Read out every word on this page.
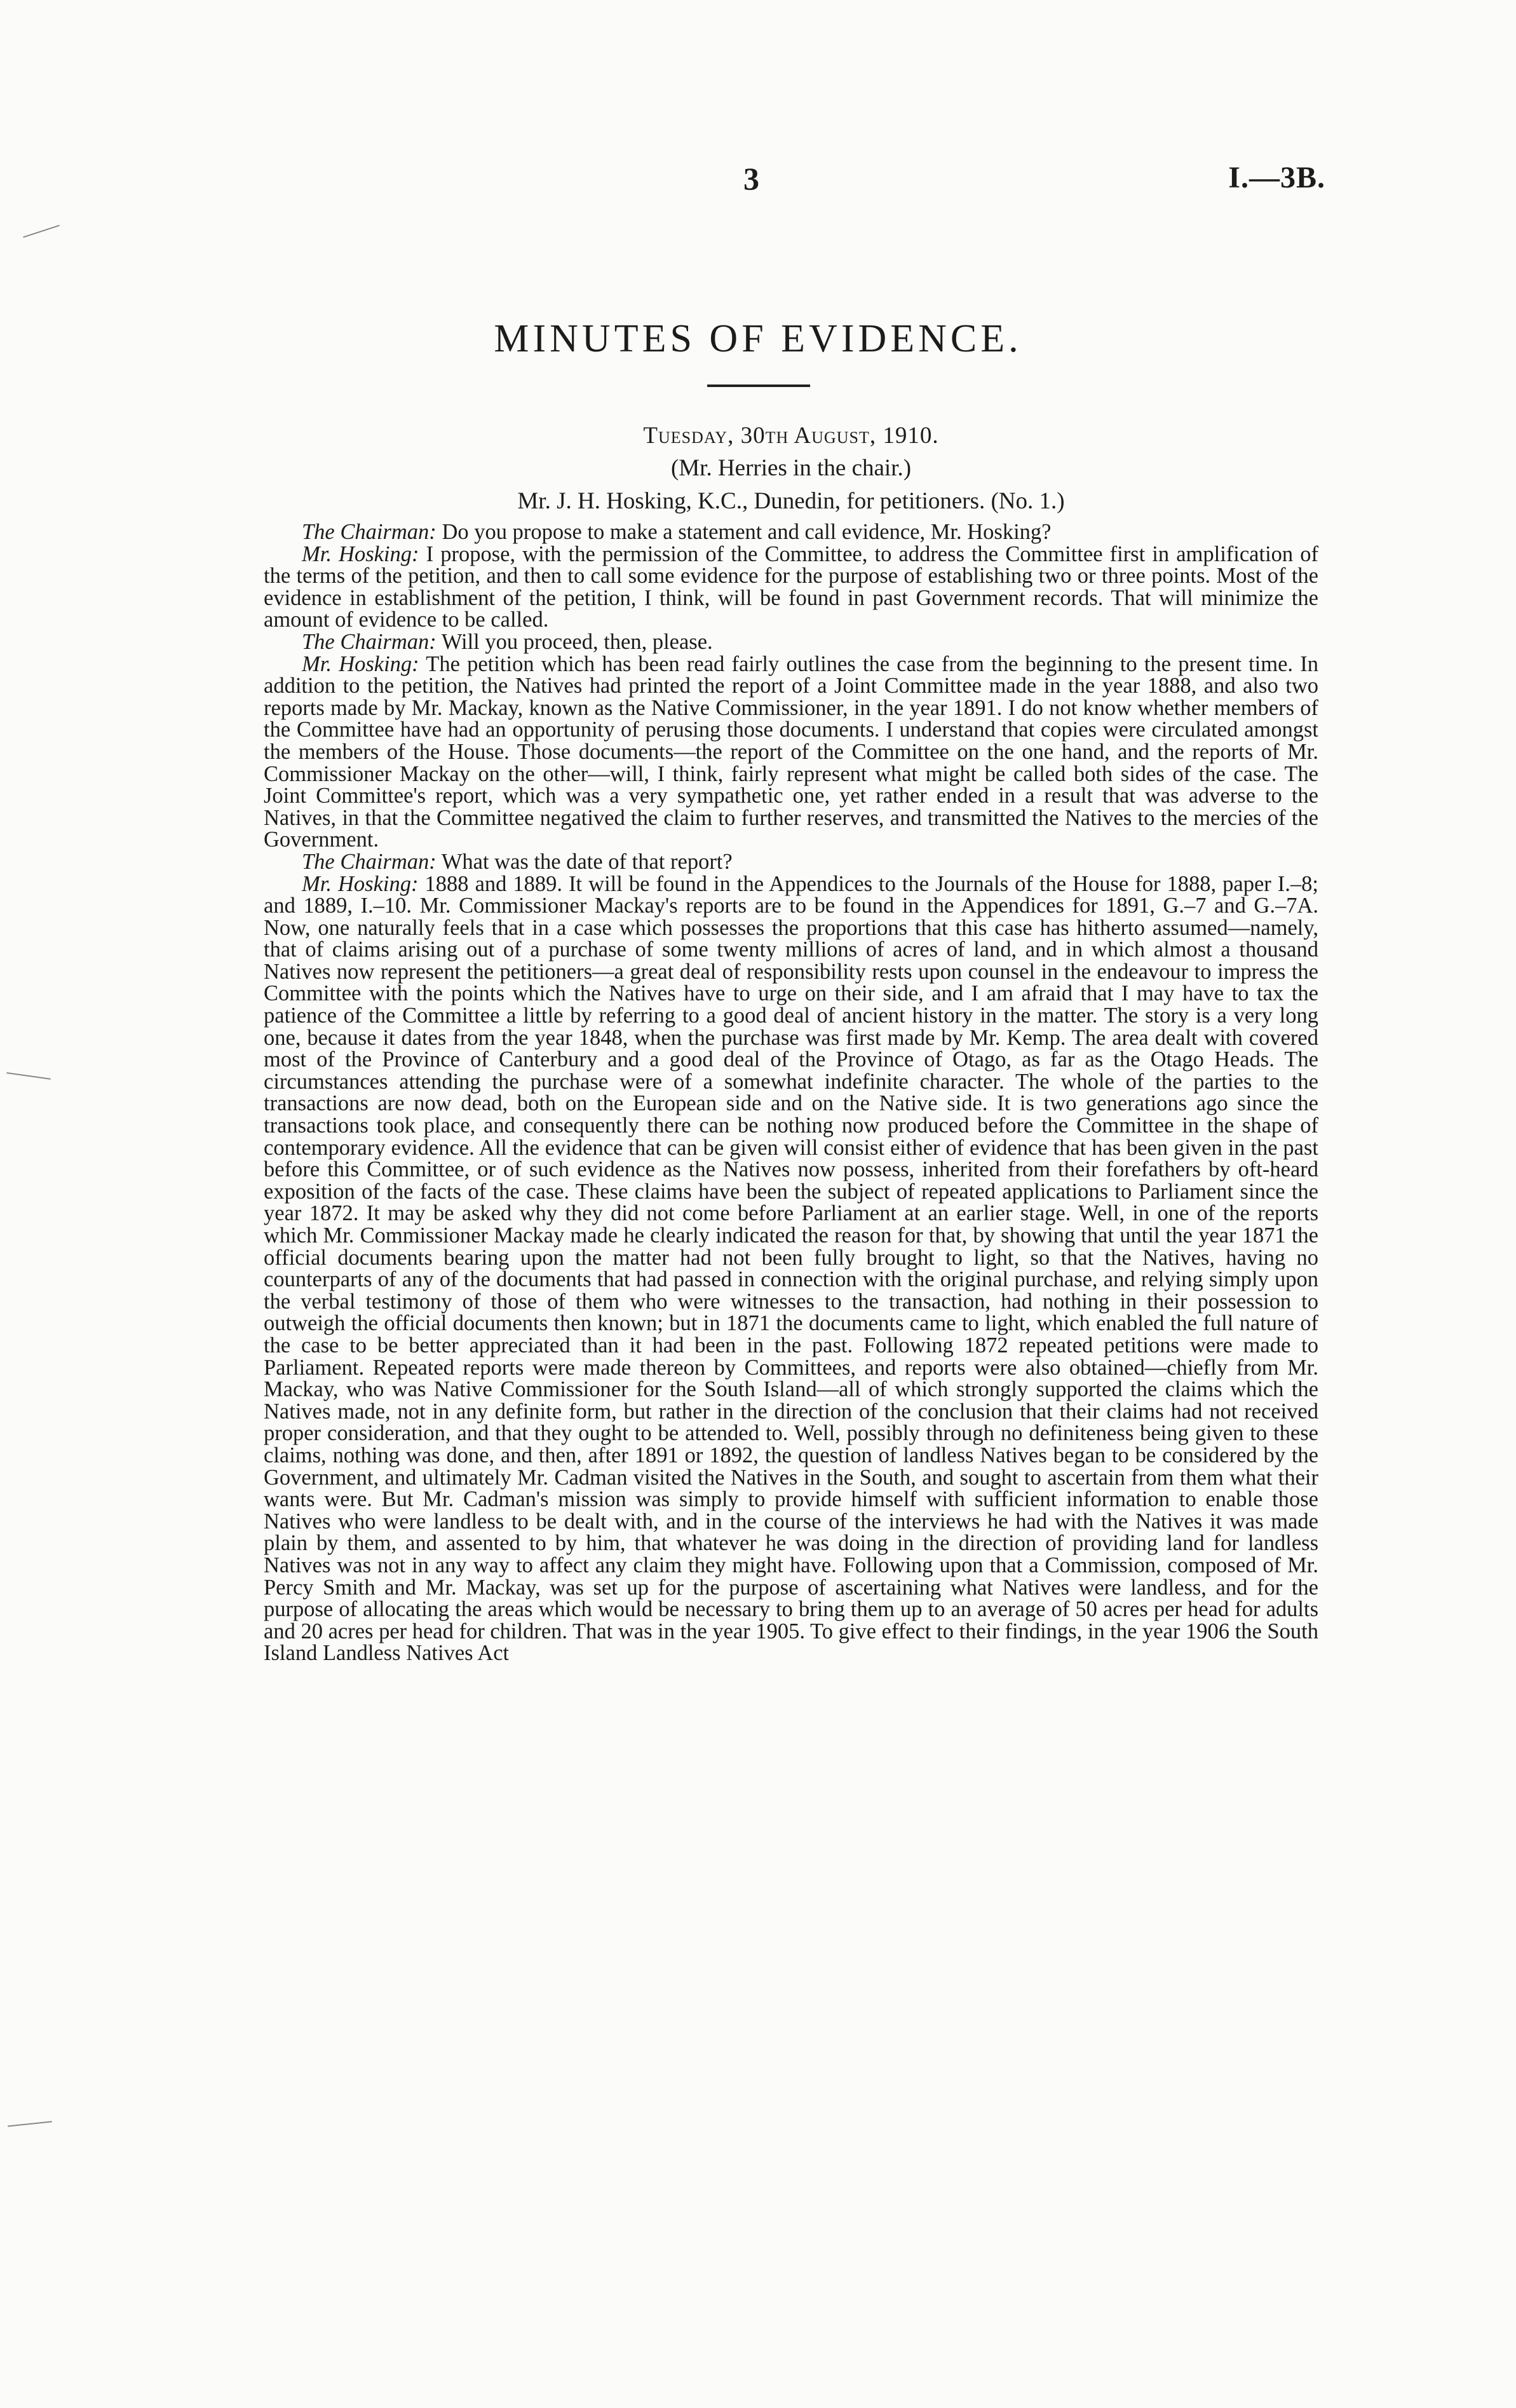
3	I.—3B.
MINUTES OF EVIDENCE.

Tuesday, 30th August, 1910.

(Mr. Herries in the chair.)

Mr. J. H. Hosking, K.C., Dunedin, for petitioners. (No. 1.)

The Chairman: Do you propose to make a statement and call evidence, Mr. Hosking?

Mr. Hosking: I propose, with the permission of the Committee, to address the Committee first in amplification of the terms of the petition, and then to call some evidence for the purpose of establishing two or three points. Most of the evidence in establishment of the petition, I think, will be found in past Government records. That will minimize the amount of evidence to be called.

The Chairman: Will you proceed, then, please.

Mr. Hosking: The petition which has been read fairly outlines the case from the beginning to the present time. In addition to the petition, the Natives had printed the report of a Joint Committee made in the year 1888, and also two reports made by Mr. Mackay, known as the Native Commissioner, in the year 1891. I do not know whether members of the Committee have had an opportunity of perusing those documents. I understand that copies were circulated amongst the members of the House. Those documents—the report of the Committee on the one hand, and the reports of Mr. Commissioner Mackay on the other—will, I think, fairly represent what might be called both sides of the case. The Joint Committee's report, which was a very sympathetic one, yet rather ended in a result that was adverse to the Natives, in that the Committee negatived the claim to further reserves, and transmitted the Natives to the mercies of the Government.

The Chairman: What was the date of that report?

Mr. Hosking: 1888 and 1889. It will be found in the Appendices to the Journals of the House for 1888, paper I.–8; and 1889, I.–10. Mr. Commissioner Mackay's reports are to be found in the Appendices for 1891, G.–7 and G.–7A. Now, one naturally feels that in a case which possesses the proportions that this case has hitherto assumed—namely, that of claims arising out of a purchase of some twenty millions of acres of land, and in which almost a thousand Natives now represent the petitioners—a great deal of responsibility rests upon counsel in the endeavour to impress the Committee with the points which the Natives have to urge on their side, and I am afraid that I may have to tax the patience of the Committee a little by referring to a good deal of ancient history in the matter. The story is a very long one, because it dates from the year 1848, when the purchase was first made by Mr. Kemp. The area dealt with covered most of the Province of Canterbury and a good deal of the Province of Otago, as far as the Otago Heads. The circumstances attending the purchase were of a somewhat indefinite character. The whole of the parties to the transactions are now dead, both on the European side and on the Native side. It is two generations ago since the transactions took place, and consequently there can be nothing now produced before the Committee in the shape of contemporary evidence. All the evidence that can be given will consist either of evidence that has been given in the past before this Committee, or of such evidence as the Natives now possess, inherited from their forefathers by oft-heard exposition of the facts of the case. These claims have been the subject of repeated applications to Parliament since the year 1872. It may be asked why they did not come before Parliament at an earlier stage. Well, in one of the reports which Mr. Commissioner Mackay made he clearly indicated the reason for that, by showing that until the year 1871 the official documents bearing upon the matter had not been fully brought to light, so that the Natives, having no counterparts of any of the documents that had passed in connection with the original purchase, and relying simply upon the verbal testimony of those of them who were witnesses to the transaction, had nothing in their possession to outweigh the official documents then known; but in 1871 the documents came to light, which enabled the full nature of the case to be better appreciated than it had been in the past. Following 1872 repeated petitions were made to Parliament. Repeated reports were made thereon by Committees, and reports were also obtained—chiefly from Mr. Mackay, who was Native Commissioner for the South Island—all of which strongly supported the claims which the Natives made, not in any definite form, but rather in the direction of the conclusion that their claims had not received proper consideration, and that they ought to be attended to. Well, possibly through no definiteness being given to these claims, nothing was done, and then, after 1891 or 1892, the question of landless Natives began to be considered by the Government, and ultimately Mr. Cadman visited the Natives in the South, and sought to ascertain from them what their wants were. But Mr. Cadman's mission was simply to provide himself with sufficient information to enable those Natives who were landless to be dealt with, and in the course of the interviews he had with the Natives it was made plain by them, and assented to by him, that whatever he was doing in the direction of providing land for landless Natives was not in any way to affect any claim they might have. Following upon that a Commission, composed of Mr. Percy Smith and Mr. Mackay, was set up for the purpose of ascertaining what Natives were landless, and for the purpose of allocating the areas which would be necessary to bring them up to an average of 50 acres per head for adults and 20 acres per head for children. That was in the year 1905. To give effect to their findings, in the year 1906 the South Island Landless Natives Act
